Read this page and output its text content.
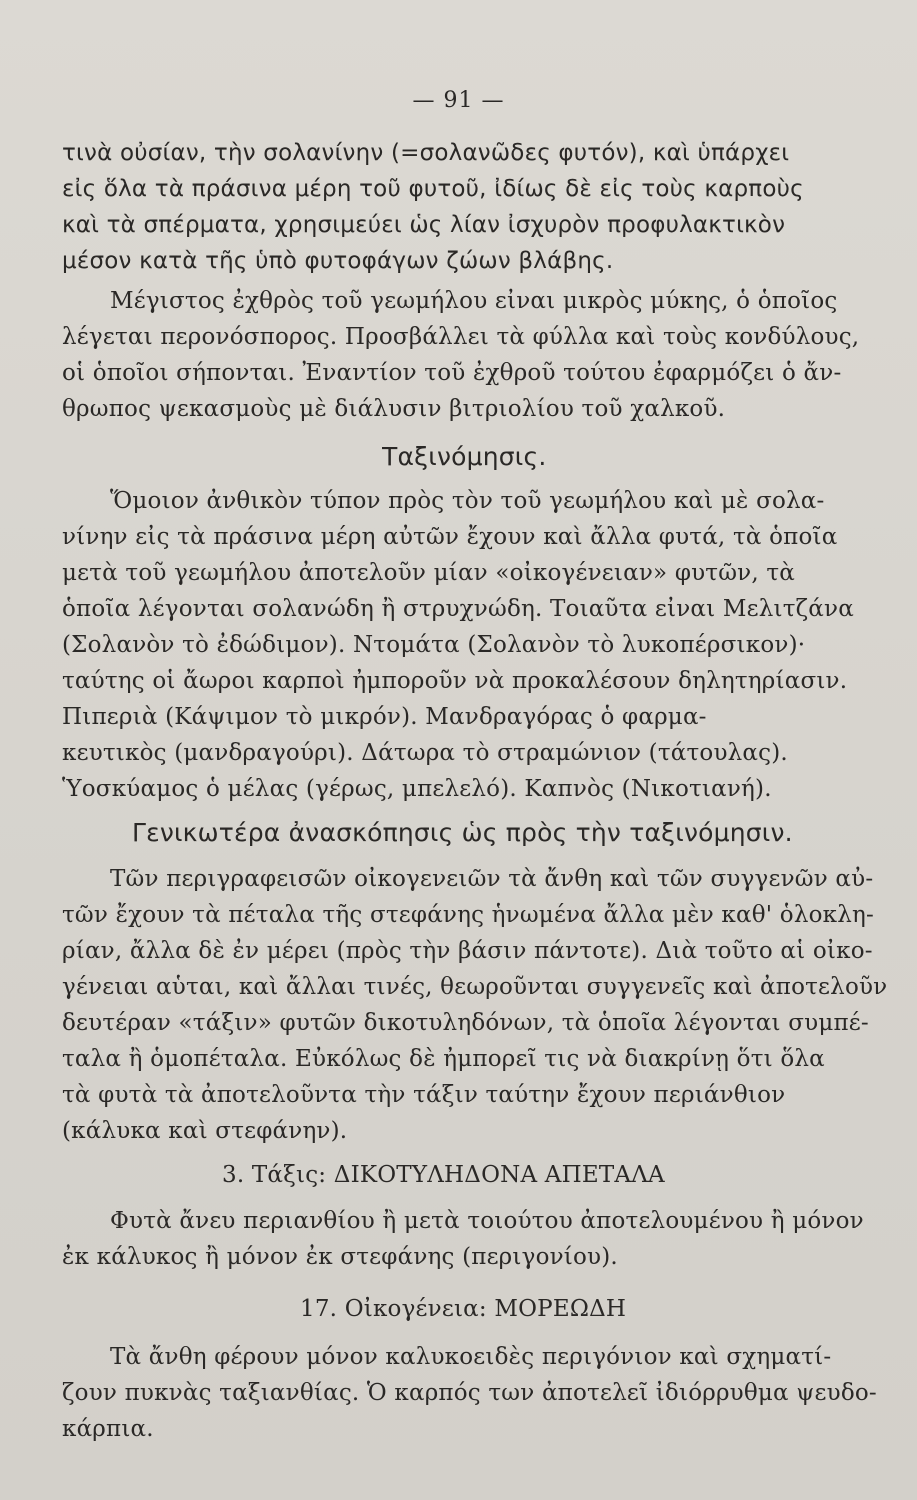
— 91 —
τινὰ οὐσίαν, τὴν σολανίνην (=σολανῶδες φυτόν), καὶ ὑπάρχει
εἰς ὅλα τὰ πράσινα μέρη τοῦ φυτοῦ, ἰδίως δὲ εἰς τοὺς καρποὺς
καὶ τὰ σπέρματα, χρησιμεύει ὡς λίαν ἰσχυρὸν προφυλακτικὸν
μέσον κατὰ τῆς ὑπὸ φυτοφάγων ζώων βλάβης.
Μέγιστος ἐχθρὸς τοῦ γεωμήλου εἶναι μικρὸς μύκης, ὁ ὁποῖος
λέγεται περονόσπορος. Προσβάλλει τὰ φύλλα καὶ τοὺς κονδύλους,
οἱ ὁποῖοι σήπονται. Ἐναντίον τοῦ ἐχθροῦ τούτου ἐφαρμόζει ὁ ἄν-
θρωπος ψεκασμοὺς μὲ διάλυσιν βιτριολίου τοῦ χαλκοῦ.
Ταξινόμησις.
Ὅμοιον ἀνθικὸν τύπον πρὸς τὸν τοῦ γεωμήλου καὶ μὲ σολα-
νίνην εἰς τὰ πράσινα μέρη αὐτῶν ἔχουν καὶ ἄλλα φυτά, τὰ ὁποῖα
μετὰ τοῦ γεωμήλου ἀποτελοῦν μίαν «οἰκογένειαν» φυτῶν, τὰ
ὁποῖα λέγονται σολανώδη ἢ στρυχνώδη. Τοιαῦτα εἶναι Μελιτζάνα
(Σολανὸν τὸ ἐδώδιμον). Ντομάτα (Σολανὸν τὸ λυκοπέρσικον)·
ταύτης οἱ ἄωροι καρποὶ ἠμποροῦν νὰ προκαλέσουν δηλητηρίασιν.
Πιπεριὰ (Κάψιμον τὸ μικρόν). Μανδραγόρας ὁ φαρμα-
κευτικὸς (μανδραγούρι). Δάτωρα τὸ στραμώνιον (τάτουλας).
Ὑοσκύαμος ὁ μέλας (γέρως, μπελελό). Καπνὸς (Νικοτιανή).
Γενικωτέρα ἀνασκόπησις ὡς πρὸς τὴν ταξινόμησιν.
Τῶν περιγραφεισῶν οἰκογενειῶν τὰ ἄνθη καὶ τῶν συγγενῶν αὐ-
τῶν ἔχουν τὰ πέταλα τῆς στεφάνης ἡνωμένα ἄλλα μὲν καθ' ὁλοκλη-
ρίαν, ἄλλα δὲ ἐν μέρει (πρὸς τὴν βάσιν πάντοτε). Διὰ τοῦτο αἱ οἰκο-
γένειαι αὗται, καὶ ἄλλαι τινές, θεωροῦνται συγγενεῖς καὶ ἀποτελοῦν
δευτέραν «τάξιν» φυτῶν δικοτυληδόνων, τὰ ὁποῖα λέγονται συμπέ-
ταλα ἢ ὁμοπέταλα. Εὐκόλως δὲ ἠμπορεῖ τις νὰ διακρίνῃ ὅτι ὅλα
τὰ φυτὰ τὰ ἀποτελοῦντα τὴν τάξιν ταύτην ἔχουν περιάνθιον
(κάλυκα καὶ στεφάνην).
3. Τάξις: ΔΙΚΟΤΥΛΗΔΟΝΑ ΑΠΕΤΑΛΑ
Φυτὰ ἄνευ περιανθίου ἢ μετὰ τοιούτου ἀποτελουμένου ἢ μόνον
ἐκ κάλυκος ἢ μόνον ἐκ στεφάνης (περιγονίου).
17. Οἰκογένεια: ΜΟΡΕΩΔΗ
Τὰ ἄνθη φέρουν μόνον καλυκοειδὲς περιγόνιον καὶ σχηματί-
ζουν πυκνὰς ταξιανθίας. Ὁ καρπός των ἀποτελεῖ ἰδιόρρυθμα ψευδο-
κάρπια.
